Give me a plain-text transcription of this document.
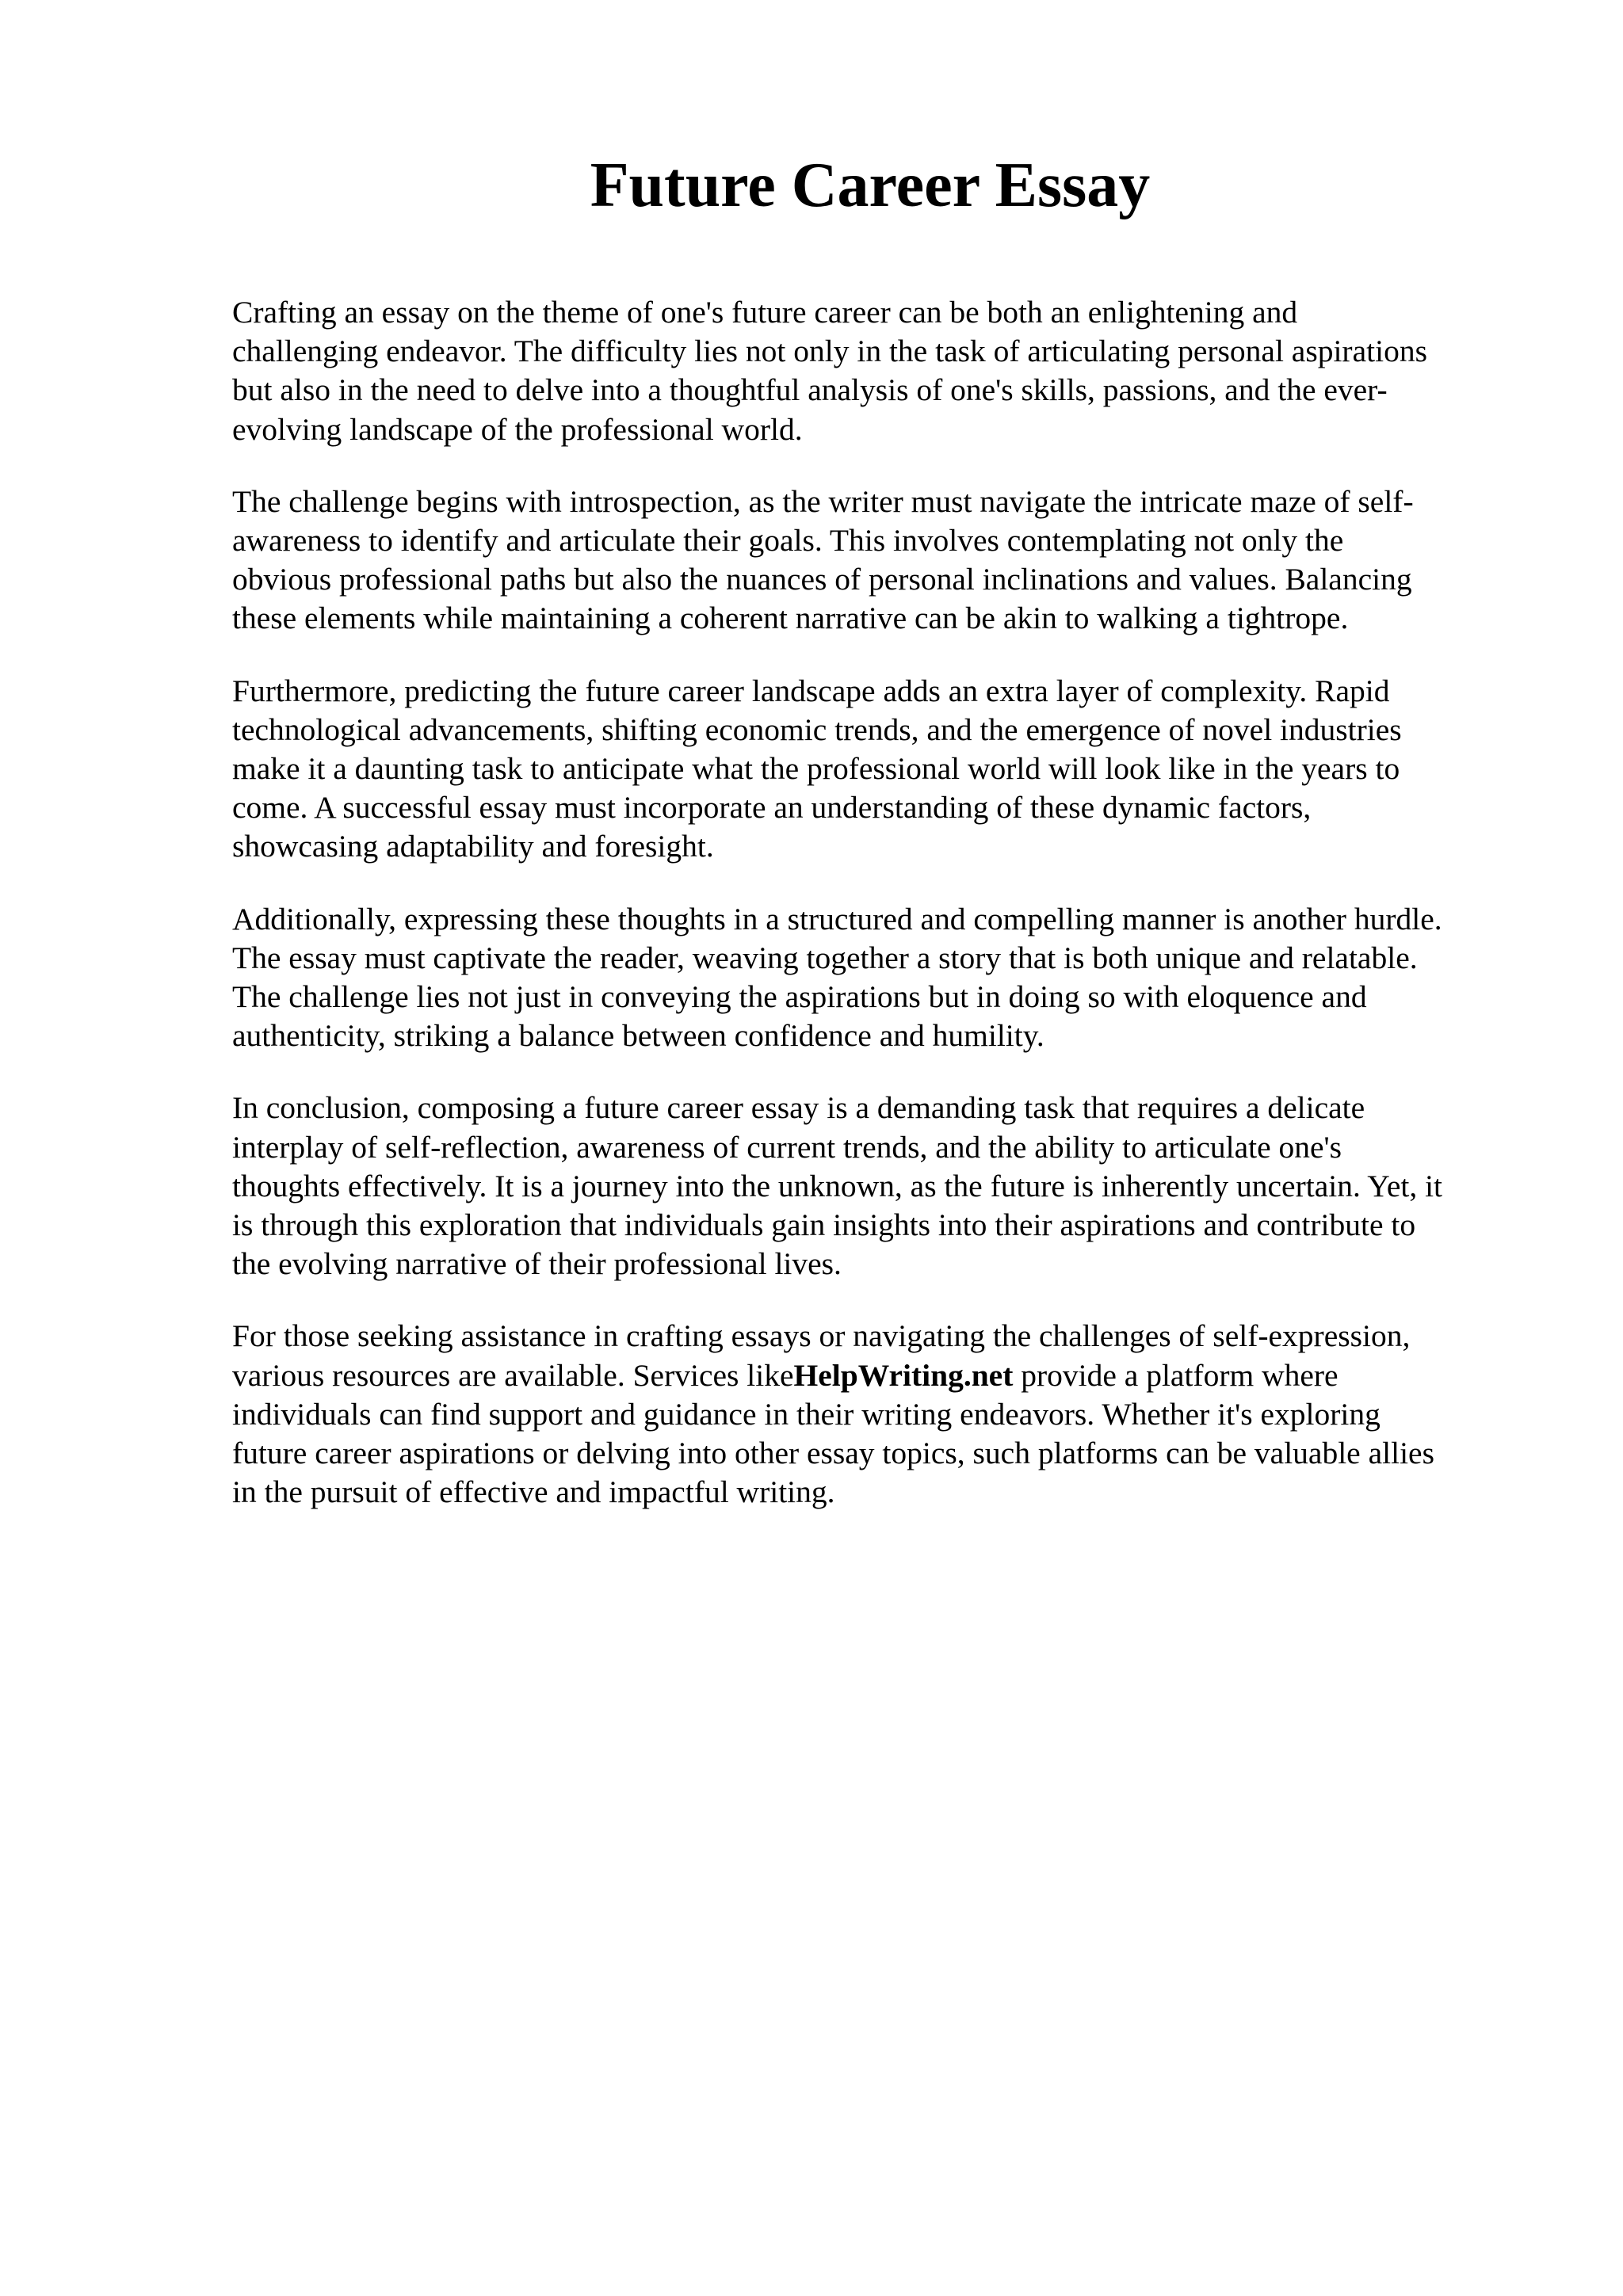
Future Career Essay

Crafting an essay on the theme of one's future career can be both an enlightening and
challenging endeavor. The difficulty lies not only in the task of articulating personal aspirations
but also in the need to delve into a thoughtful analysis of one's skills, passions, and the ever-
evolving landscape of the professional world.

The challenge begins with introspection, as the writer must navigate the intricate maze of self-
awareness to identify and articulate their goals. This involves contemplating not only the
obvious professional paths but also the nuances of personal inclinations and values. Balancing
these elements while maintaining a coherent narrative can be akin to walking a tightrope.

Furthermore, predicting the future career landscape adds an extra layer of complexity. Rapid
technological advancements, shifting economic trends, and the emergence of novel industries
make it a daunting task to anticipate what the professional world will look like in the years to
come. A successful essay must incorporate an understanding of these dynamic factors,
showcasing adaptability and foresight.

Additionally, expressing these thoughts in a structured and compelling manner is another hurdle.
The essay must captivate the reader, weaving together a story that is both unique and relatable.
The challenge lies not just in conveying the aspirations but in doing so with eloquence and
authenticity, striking a balance between confidence and humility.

In conclusion, composing a future career essay is a demanding task that requires a delicate
interplay of self-reflection, awareness of current trends, and the ability to articulate one's
thoughts effectively. It is a journey into the unknown, as the future is inherently uncertain. Yet, it
is through this exploration that individuals gain insights into their aspirations and contribute to
the evolving narrative of their professional lives.

For those seeking assistance in crafting essays or navigating the challenges of self-expression,
various resources are available. Services likeHelpWriting.net provide a platform where
individuals can find support and guidance in their writing endeavors. Whether it's exploring
future career aspirations or delving into other essay topics, such platforms can be valuable allies
in the pursuit of effective and impactful writing.
